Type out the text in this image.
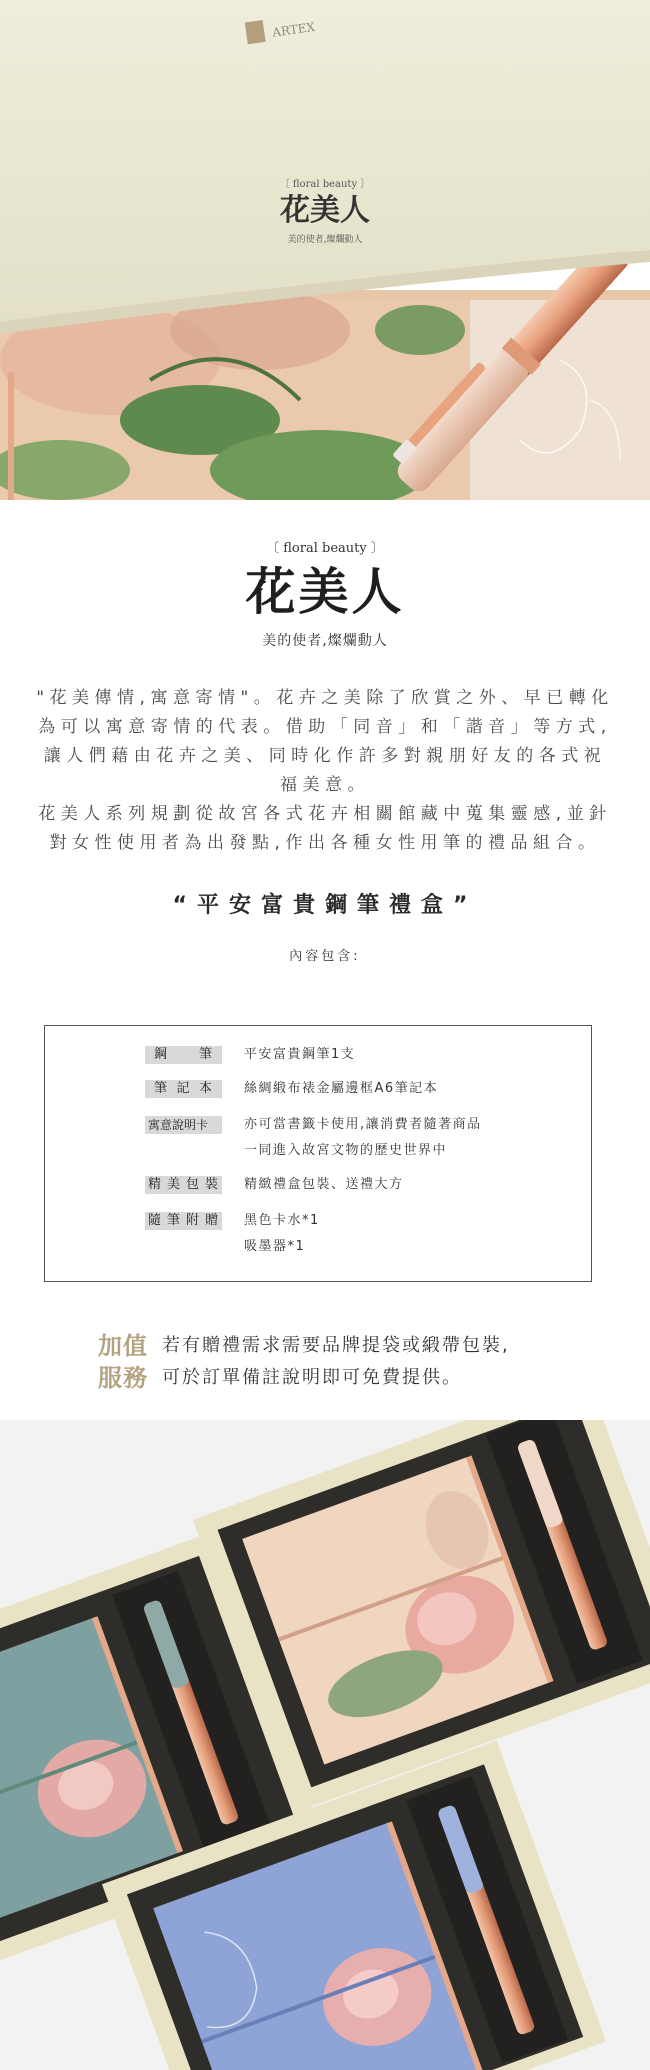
ARTEX
〔 floral beauty 〕
花美人
美的使者,燦爛動人
〔 floral beauty 〕
花美人
美的使者,燦爛動人
"花美傳情,寓意寄情"。花卉之美除了欣賞之外、早已轉化為可以寓意寄情的代表。借助「同音」和「諧音」等方式,讓人們藉由花卉之美、同時化作許多對親朋好友的各式祝福美意。
花美人系列規劃從故宮各式花卉相關館藏中蒐集靈感,並針對女性使用者為出發點,作出各種女性用筆的禮品組合。
“平安富貴鋼筆禮盒”
內容包含:
鋼筆	平安富貴鋼筆1支
筆記本	絲綢緞布裱金屬邊框A6筆記本
寓意說明卡	亦可當書籤卡使用,讓消費者隨著商品
一同進入故宮文物的歷史世界中
精美包裝 精緻禮盒包裝、送禮大方
隨筆附贈 黑色卡水*1
吸墨器*1
加值
服務
若有贈禮需求需要品牌提袋或緞帶包裝,
可於訂單備註說明即可免費提供。
